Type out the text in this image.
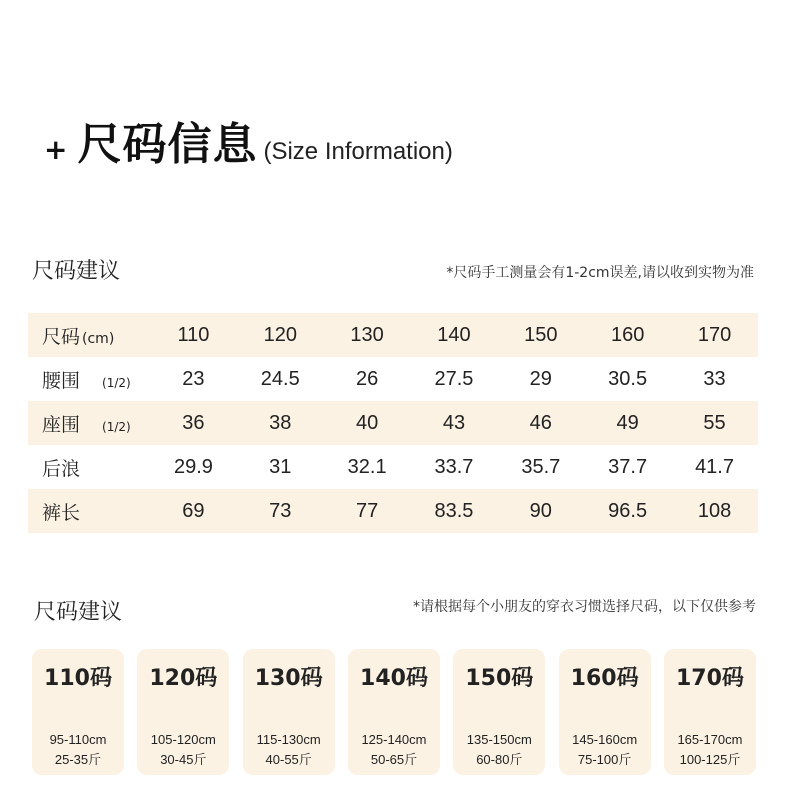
+ 尺码信息 (Size Information)
尺码建议	*尺码手工测量会有1-2cm误差,请以收到实物为准
尺码 (cm)	110	120	130	140	150	160	170
腰围 (1/2)	23	24.5	26	27.5	29	30.5	33
座围 (1/2)	36	38	40	43	46	49	55
后浪	29.9	31	32.1	33.7	35.7	37.7	41.7
裤长	69	73	77	83.5	90	96.5	108
尺码建议	*请根据每个小朋友的穿衣习惯选择尺码，以下仅供参考
110码
95-110cm
25-35斤
120码
105-120cm
30-45斤
130码
115-130cm
40-55斤
140码
125-140cm
50-65斤
150码
135-150cm
60-80斤
160码
145-160cm
75-100斤
170码
165-170cm
100-125斤
